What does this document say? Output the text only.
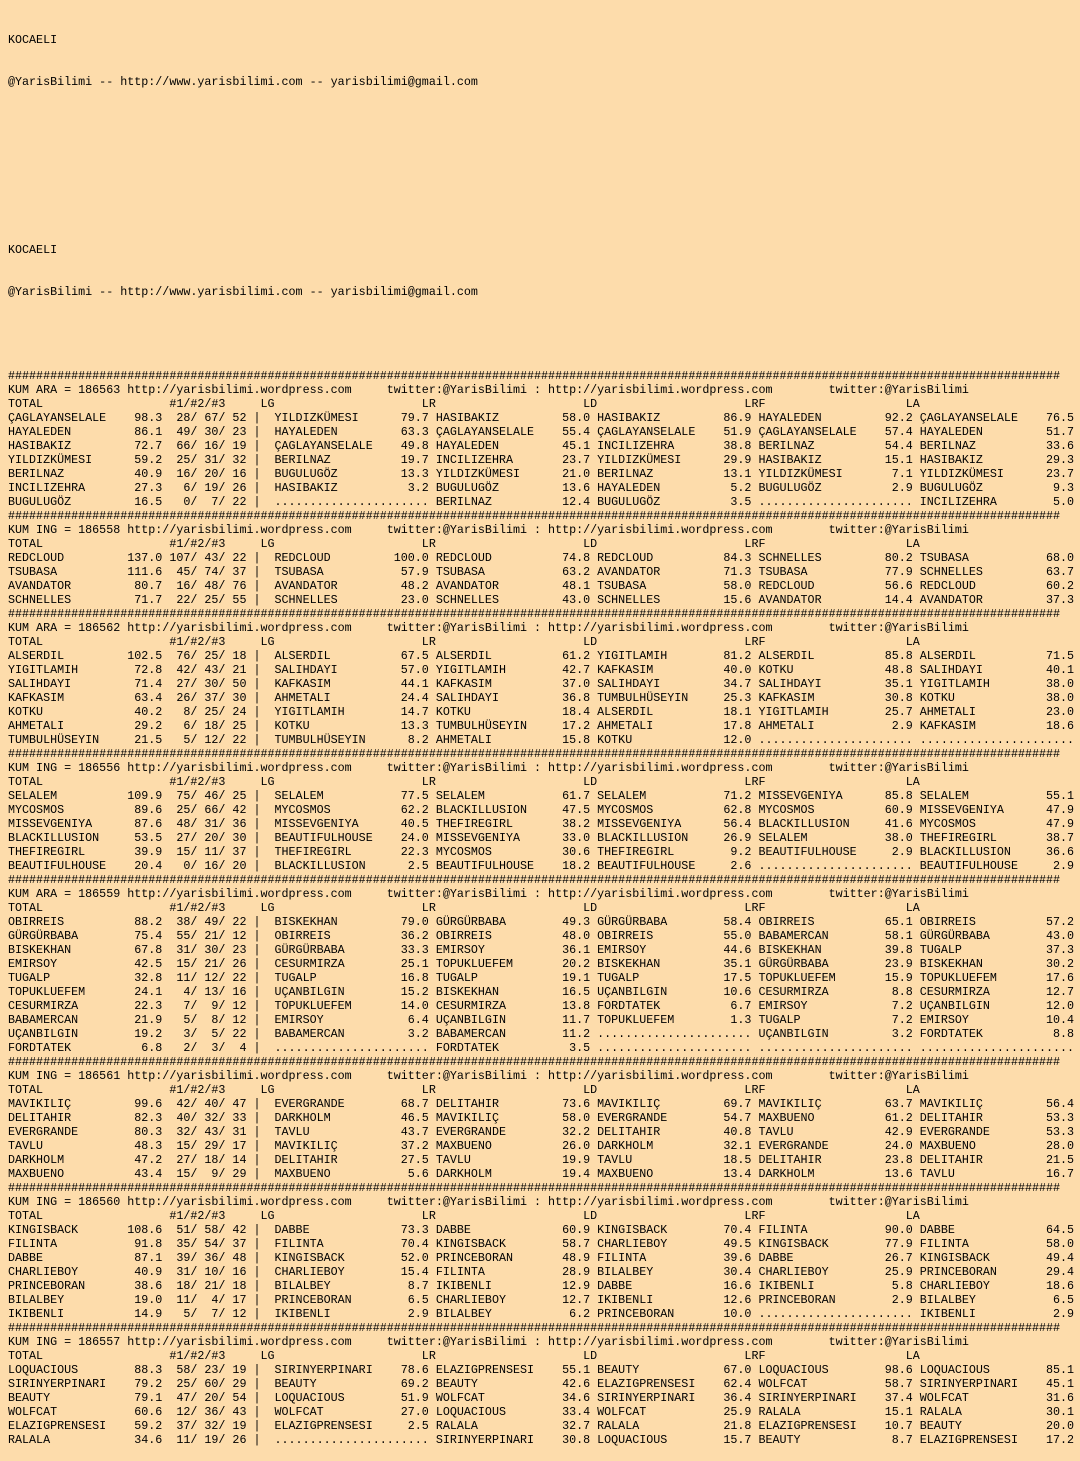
KOCAELI

@YarisBilimi -- http://www.yarisbilimi.com -- yarisbilimi@gmail.com

KOCAELI

@YarisBilimi -- http://www.yarisbilimi.com -- yarisbilimi@gmail.com

######################################################################################################################################################
KUM ARA = 186563 http://yarisbilimi.wordpress.com     twitter:@YarisBilimi : http://yarisbilimi.wordpress.com        twitter:@YarisBilimi
TOTAL                  #1/#2/#3     LG                     LR                     LD                     LRF                    LA
ÇAGLAYANSELALE    98.3  28/ 67/ 52 |  YILDIZKÜMESI      79.7 HASIBAKIZ         58.0 HASIBAKIZ         86.9 HAYALEDEN         92.2 ÇAGLAYANSELALE    76.5
HAYALEDEN         86.1  49/ 30/ 23 |  HAYALEDEN         63.3 ÇAGLAYANSELALE    55.4 ÇAGLAYANSELALE    51.9 ÇAGLAYANSELALE    57.4 HAYALEDEN         51.7
HASIBAKIZ         72.7  66/ 16/ 19 |  ÇAGLAYANSELALE    49.8 HAYALEDEN         45.1 INCILIZEHRA       38.8 BERILNAZ          54.4 BERILNAZ          33.6
YILDIZKÜMESI      59.2  25/ 31/ 32 |  BERILNAZ          19.7 INCILIZEHRA       23.7 YILDIZKÜMESI      29.9 HASIBAKIZ         15.1 HASIBAKIZ         29.3
BERILNAZ          40.9  16/ 20/ 16 |  BUGULUGÖZ         13.3 YILDIZKÜMESI      21.0 BERILNAZ          13.1 YILDIZKÜMESI       7.1 YILDIZKÜMESI      23.7
INCILIZEHRA       27.3   6/ 19/ 26 |  HASIBAKIZ          3.2 BUGULUGÖZ         13.6 HAYALEDEN          5.2 BUGULUGÖZ          2.9 BUGULUGÖZ          9.3
BUGULUGÖZ         16.5   0/  7/ 22 |  ...................... BERILNAZ          12.4 BUGULUGÖZ          3.5 ...................... INCILIZEHRA        5.0
######################################################################################################################################################
KUM ING = 186558 http://yarisbilimi.wordpress.com     twitter:@YarisBilimi : http://yarisbilimi.wordpress.com        twitter:@YarisBilimi
TOTAL                  #1/#2/#3     LG                     LR                     LD                     LRF                    LA
REDCLOUD         137.0 107/ 43/ 22 |  REDCLOUD         100.0 REDCLOUD          74.8 REDCLOUD          84.3 SCHNELLES         80.2 TSUBASA           68.0
TSUBASA          111.6  45/ 74/ 37 |  TSUBASA           57.9 TSUBASA           63.2 AVANDATOR         71.3 TSUBASA           77.9 SCHNELLES         63.7
AVANDATOR         80.7  16/ 48/ 76 |  AVANDATOR         48.2 AVANDATOR         48.1 TSUBASA           58.0 REDCLOUD          56.6 REDCLOUD          60.2
SCHNELLES         71.7  22/ 25/ 55 |  SCHNELLES         23.0 SCHNELLES         43.0 SCHNELLES         15.6 AVANDATOR         14.4 AVANDATOR         37.3
######################################################################################################################################################
KUM ARA = 186562 http://yarisbilimi.wordpress.com     twitter:@YarisBilimi : http://yarisbilimi.wordpress.com        twitter:@YarisBilimi
TOTAL                  #1/#2/#3     LG                     LR                     LD                     LRF                    LA
ALSERDIL         102.5  76/ 25/ 18 |  ALSERDIL          67.5 ALSERDIL          61.2 YIGITLAMIH        81.2 ALSERDIL          85.8 ALSERDIL          71.5
YIGITLAMIH        72.8  42/ 43/ 21 |  SALIHDAYI         57.0 YIGITLAMIH        42.7 KAFKASIM          40.0 KOTKU             48.8 SALIHDAYI         40.1
SALIHDAYI         71.4  27/ 30/ 50 |  KAFKASIM          44.1 KAFKASIM          37.0 SALIHDAYI         34.7 SALIHDAYI         35.1 YIGITLAMIH        38.0
KAFKASIM          63.4  26/ 37/ 30 |  AHMETALI          24.4 SALIHDAYI         36.8 TUMBULHÜSEYIN     25.3 KAFKASIM          30.8 KOTKU             38.0
KOTKU             40.2   8/ 25/ 24 |  YIGITLAMIH        14.7 KOTKU             18.4 ALSERDIL          18.1 YIGITLAMIH        25.7 AHMETALI          23.0
AHMETALI          29.2   6/ 18/ 25 |  KOTKU             13.3 TUMBULHÜSEYIN     17.2 AHMETALI          17.8 AHMETALI           2.9 KAFKASIM          18.6
TUMBULHÜSEYIN     21.5   5/ 12/ 22 |  TUMBULHÜSEYIN      8.2 AHMETALI          15.8 KOTKU             12.0 ...................... ......................
######################################################################################################################################################
KUM ING = 186556 http://yarisbilimi.wordpress.com     twitter:@YarisBilimi : http://yarisbilimi.wordpress.com        twitter:@YarisBilimi
TOTAL                  #1/#2/#3     LG                     LR                     LD                     LRF                    LA
SELALEM          109.9  75/ 46/ 25 |  SELALEM           77.5 SELALEM           61.7 SELALEM           71.2 MISSEVGENIYA      85.8 SELALEM           55.1
MYCOSMOS          89.6  25/ 66/ 42 |  MYCOSMOS          62.2 BLACKILLUSION     47.5 MYCOSMOS          62.8 MYCOSMOS          60.9 MISSEVGENIYA      47.9
MISSEVGENIYA      87.6  48/ 31/ 36 |  MISSEVGENIYA      40.5 THEFIREGIRL       38.2 MISSEVGENIYA      56.4 BLACKILLUSION     41.6 MYCOSMOS          47.9
BLACKILLUSION     53.5  27/ 20/ 30 |  BEAUTIFULHOUSE    24.0 MISSEVGENIYA      33.0 BLACKILLUSION     26.9 SELALEM           38.0 THEFIREGIRL       38.7
THEFIREGIRL       39.9  15/ 11/ 37 |  THEFIREGIRL       22.3 MYCOSMOS          30.6 THEFIREGIRL        9.2 BEAUTIFULHOUSE     2.9 BLACKILLUSION     36.6
BEAUTIFULHOUSE    20.4   0/ 16/ 20 |  BLACKILLUSION      2.5 BEAUTIFULHOUSE    18.2 BEAUTIFULHOUSE     2.6 ...................... BEAUTIFULHOUSE     2.9
######################################################################################################################################################
KUM ARA = 186559 http://yarisbilimi.wordpress.com     twitter:@YarisBilimi : http://yarisbilimi.wordpress.com        twitter:@YarisBilimi
TOTAL                  #1/#2/#3     LG                     LR                     LD                     LRF                    LA
OBIRREIS          88.2  38/ 49/ 22 |  BISKEKHAN         79.0 GÜRGÜRBABA        49.3 GÜRGÜRBABA        58.4 OBIRREIS          65.1 OBIRREIS          57.2
GÜRGÜRBABA        75.4  55/ 21/ 12 |  OBIRREIS          36.2 OBIRREIS          48.0 OBIRREIS          55.0 BABAMERCAN        58.1 GÜRGÜRBABA        43.0
BISKEKHAN         67.8  31/ 30/ 23 |  GÜRGÜRBABA        33.3 EMIRSOY           36.1 EMIRSOY           44.6 BISKEKHAN         39.8 TUGALP            37.3
EMIRSOY           42.5  15/ 21/ 26 |  CESURMIRZA        25.1 TOPUKLUEFEM       20.2 BISKEKHAN         35.1 GÜRGÜRBABA        23.9 BISKEKHAN         30.2
TUGALP            32.8  11/ 12/ 22 |  TUGALP            16.8 TUGALP            19.1 TUGALP            17.5 TOPUKLUEFEM       15.9 TOPUKLUEFEM       17.6
TOPUKLUEFEM       24.1   4/ 13/ 16 |  UÇANBILGIN        15.2 BISKEKHAN         16.5 UÇANBILGIN        10.6 CESURMIRZA         8.8 CESURMIRZA        12.7
CESURMIRZA        22.3   7/  9/ 12 |  TOPUKLUEFEM       14.0 CESURMIRZA        13.8 FORDTATEK          6.7 EMIRSOY            7.2 UÇANBILGIN        12.0
BABAMERCAN        21.9   5/  8/ 12 |  EMIRSOY            6.4 UÇANBILGIN        11.7 TOPUKLUEFEM        1.3 TUGALP             7.2 EMIRSOY           10.4
UÇANBILGIN        19.2   3/  5/ 22 |  BABAMERCAN         3.2 BABAMERCAN        11.2 ...................... UÇANBILGIN         3.2 FORDTATEK          8.8
FORDTATEK          6.8   2/  3/  4 |  ...................... FORDTATEK          3.5 ...................... ...................... ......................
######################################################################################################################################################
KUM ING = 186561 http://yarisbilimi.wordpress.com     twitter:@YarisBilimi : http://yarisbilimi.wordpress.com        twitter:@YarisBilimi
TOTAL                  #1/#2/#3     LG                     LR                     LD                     LRF                    LA
MAVIKILIÇ         99.6  42/ 40/ 47 |  EVERGRANDE        68.7 DELITAHIR         73.6 MAVIKILIÇ         69.7 MAVIKILIÇ         63.7 MAVIKILIÇ         56.4
DELITAHIR         82.3  40/ 32/ 33 |  DARKHOLM          46.5 MAVIKILIÇ         58.0 EVERGRANDE        54.7 MAXBUENO          61.2 DELITAHIR         53.3
EVERGRANDE        80.3  32/ 43/ 31 |  TAVLU             43.7 EVERGRANDE        32.2 DELITAHIR         40.8 TAVLU             42.9 EVERGRANDE        53.3
TAVLU             48.3  15/ 29/ 17 |  MAVIKILIÇ         37.2 MAXBUENO          26.0 DARKHOLM          32.1 EVERGRANDE        24.0 MAXBUENO          28.0
DARKHOLM          47.2  27/ 18/ 14 |  DELITAHIR         27.5 TAVLU             19.9 TAVLU             18.5 DELITAHIR         23.8 DELITAHIR         21.5
MAXBUENO          43.4  15/  9/ 29 |  MAXBUENO           5.6 DARKHOLM          19.4 MAXBUENO          13.4 DARKHOLM          13.6 TAVLU             16.7
######################################################################################################################################################
KUM ING = 186560 http://yarisbilimi.wordpress.com     twitter:@YarisBilimi : http://yarisbilimi.wordpress.com        twitter:@YarisBilimi
TOTAL                  #1/#2/#3     LG                     LR                     LD                     LRF                    LA
KINGISBACK       108.6  51/ 58/ 42 |  DABBE             73.3 DABBE             60.9 KINGISBACK        70.4 FILINTA           90.0 DABBE             64.5
FILINTA           91.8  35/ 54/ 37 |  FILINTA           70.4 KINGISBACK        58.7 CHARLIEBOY        49.5 KINGISBACK        77.9 FILINTA           58.0
DABBE             87.1  39/ 36/ 48 |  KINGISBACK        52.0 PRINCEBORAN       48.9 FILINTA           39.6 DABBE             26.7 KINGISBACK        49.4
CHARLIEBOY        40.9  31/ 10/ 16 |  CHARLIEBOY        15.4 FILINTA           28.9 BILALBEY          30.4 CHARLIEBOY        25.9 PRINCEBORAN       29.4
PRINCEBORAN       38.6  18/ 21/ 18 |  BILALBEY           8.7 IKIBENLI          12.9 DABBE             16.6 IKIBENLI           5.8 CHARLIEBOY        18.6
BILALBEY          19.0  11/  4/ 17 |  PRINCEBORAN        6.5 CHARLIEBOY        12.7 IKIBENLI          12.6 PRINCEBORAN        2.9 BILALBEY           6.5
IKIBENLI          14.9   5/  7/ 12 |  IKIBENLI           2.9 BILALBEY           6.2 PRINCEBORAN       10.0 ...................... IKIBENLI           2.9
######################################################################################################################################################
KUM ING = 186557 http://yarisbilimi.wordpress.com     twitter:@YarisBilimi : http://yarisbilimi.wordpress.com        twitter:@YarisBilimi
TOTAL                  #1/#2/#3     LG                     LR                     LD                     LRF                    LA
LOQUACIOUS        88.3  58/ 23/ 19 |  SIRINYERPINARI    78.6 ELAZIGPRENSESI    55.1 BEAUTY            67.0 LOQUACIOUS        98.6 LOQUACIOUS        85.1
SIRINYERPINARI    79.2  25/ 60/ 29 |  BEAUTY            69.2 BEAUTY            42.6 ELAZIGPRENSESI    62.4 WOLFCAT           58.7 SIRINYERPINARI    45.1
BEAUTY            79.1  47/ 20/ 54 |  LOQUACIOUS        51.9 WOLFCAT           34.6 SIRINYERPINARI    36.4 SIRINYERPINARI    37.4 WOLFCAT           31.6
WOLFCAT           60.6  12/ 36/ 43 |  WOLFCAT           27.0 LOQUACIOUS        33.4 WOLFCAT           25.9 RALALA            15.1 RALALA            30.1
ELAZIGPRENSESI    59.2  37/ 32/ 19 |  ELAZIGPRENSESI     2.5 RALALA            32.7 RALALA            21.8 ELAZIGPRENSESI    10.7 BEAUTY            20.0
RALALA            34.6  11/ 19/ 26 |  ...................... SIRINYERPINARI    30.8 LOQUACIOUS        15.7 BEAUTY             8.7 ELAZIGPRENSESI    17.2
